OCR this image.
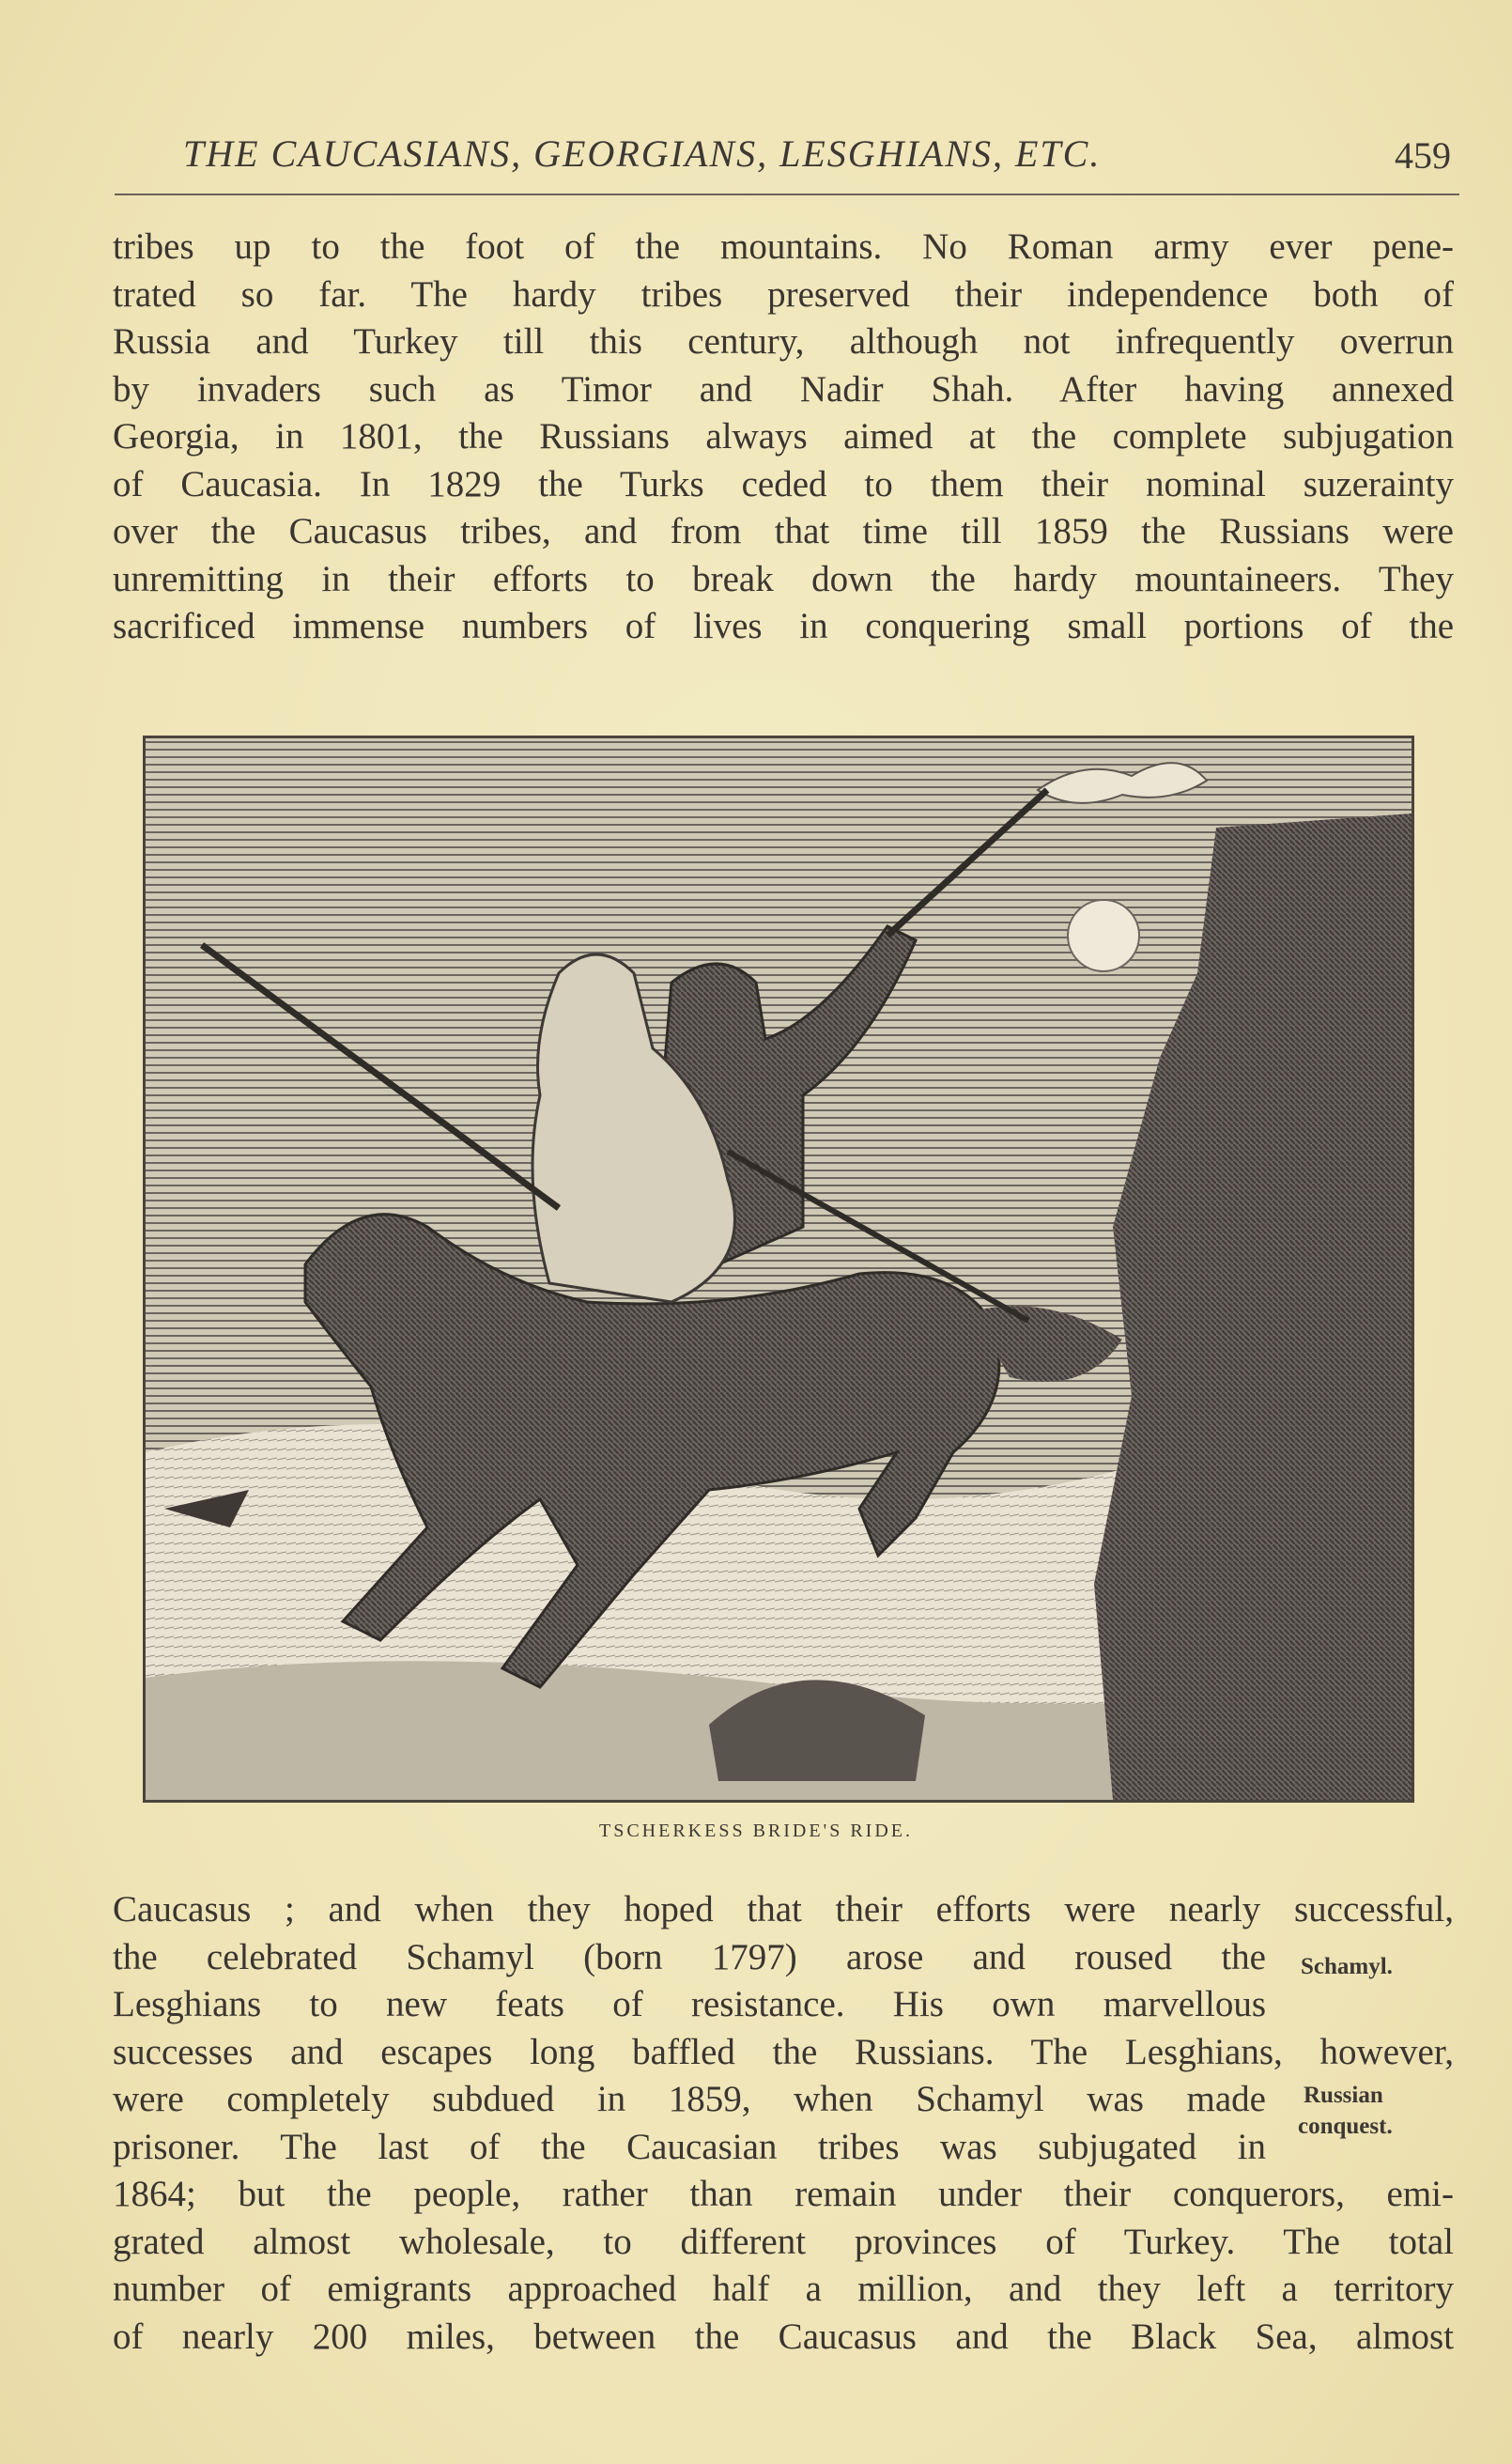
THE CAUCASIANS, GEORGIANS, LESGHIANS, ETC.	459
tribes up to the foot of the mountains. No Roman army ever pene-
trated so far. The hardy tribes preserved their independence both of
Russia and Turkey till this century, although not infrequently overrun
by invaders such as Timor and Nadir Shah. After having annexed
Georgia, in 1801, the Russians always aimed at the complete subjugation
of Caucasia. In 1829 the Turks ceded to them their nominal suzerainty
over the Caucasus tribes, and from that time till 1859 the Russians were
unremitting in their efforts to break down the hardy mountaineers. They
sacrificed immense numbers of lives in conquering small portions of the
TSCHERKESS BRIDE'S RIDE.
Caucasus ; and when they hoped that their efforts were nearly successful,
the celebrated Schamyl (born 1797) arose and roused the
Lesghians to new feats of resistance. His own marvellous
successes and escapes long baffled the Russians. The Lesghians, however,
were completely subdued in 1859, when Schamyl was made
prisoner. The last of the Caucasian tribes was subjugated in
1864; but the people, rather than remain under their conquerors, emi-
grated almost wholesale, to different provinces of Turkey. The total
number of emigrants approached half a million, and they left a territory
of nearly 200 miles, between the Caucasus and the Black Sea, almost
Schamyl.
Russian
conquest.
